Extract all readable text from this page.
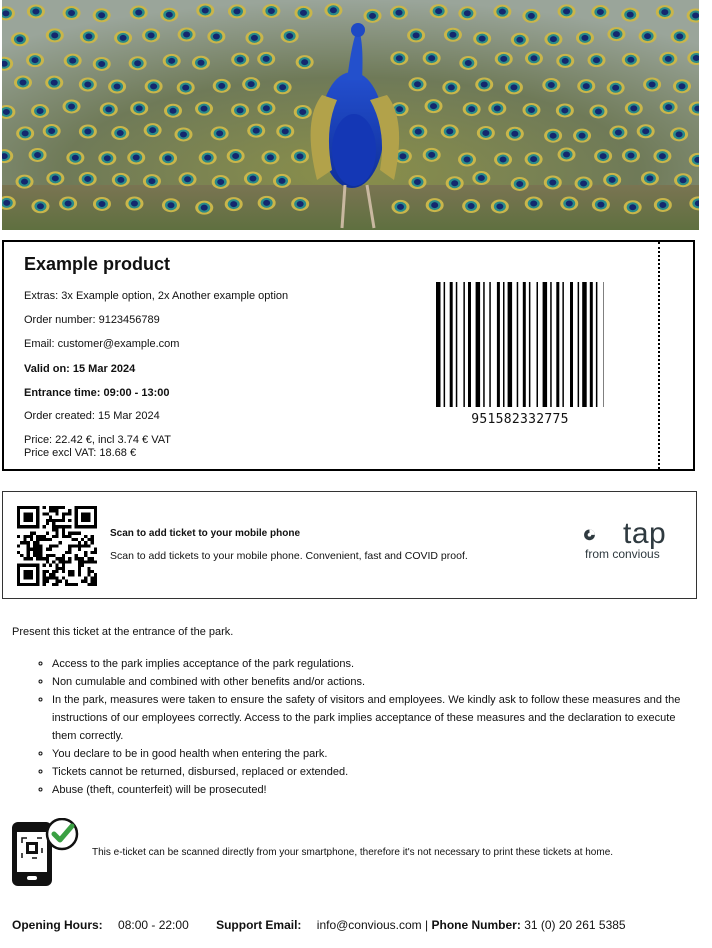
Example product
Extras: 3x Example option, 2x Another example option
Order number: 9123456789
Email: customer@example.com
Valid on: 15 Mar 2024
Entrance time: 09:00 - 13:00
Order created: 15 Mar 2024
Price: 22.42 €, incl 3.74 € VAT
Price excl VAT: 18.68 €
951582332775
Scan to add ticket to your mobile phone
Scan to add tickets to your mobile phone. Convenient, fast and COVID proof.
tap
from convious
Present this ticket at the entrance of the park.
◦ Access to the park implies acceptance of the park regulations.
◦ Non cumulable and combined with other benefits and/or actions.
◦ In the park, measures were taken to ensure the safety of visitors and employees. We kindly ask to follow these measures and the instructions of our employees correctly. Access to the park implies acceptance of these measures and the declaration to execute them correctly.
◦ You declare to be in good health when entering the park.
◦ Tickets cannot be returned, disbursed, replaced or extended.
◦ Abuse (theft, counterfeit) will be prosecuted!
This e-ticket can be scanned directly from your smartphone, therefore it's not necessary to print these tickets at home.
Opening Hours: 08:00 - 22:00 Support Email: info@convious.com | Phone Number: 31 (0) 20 261 5385
